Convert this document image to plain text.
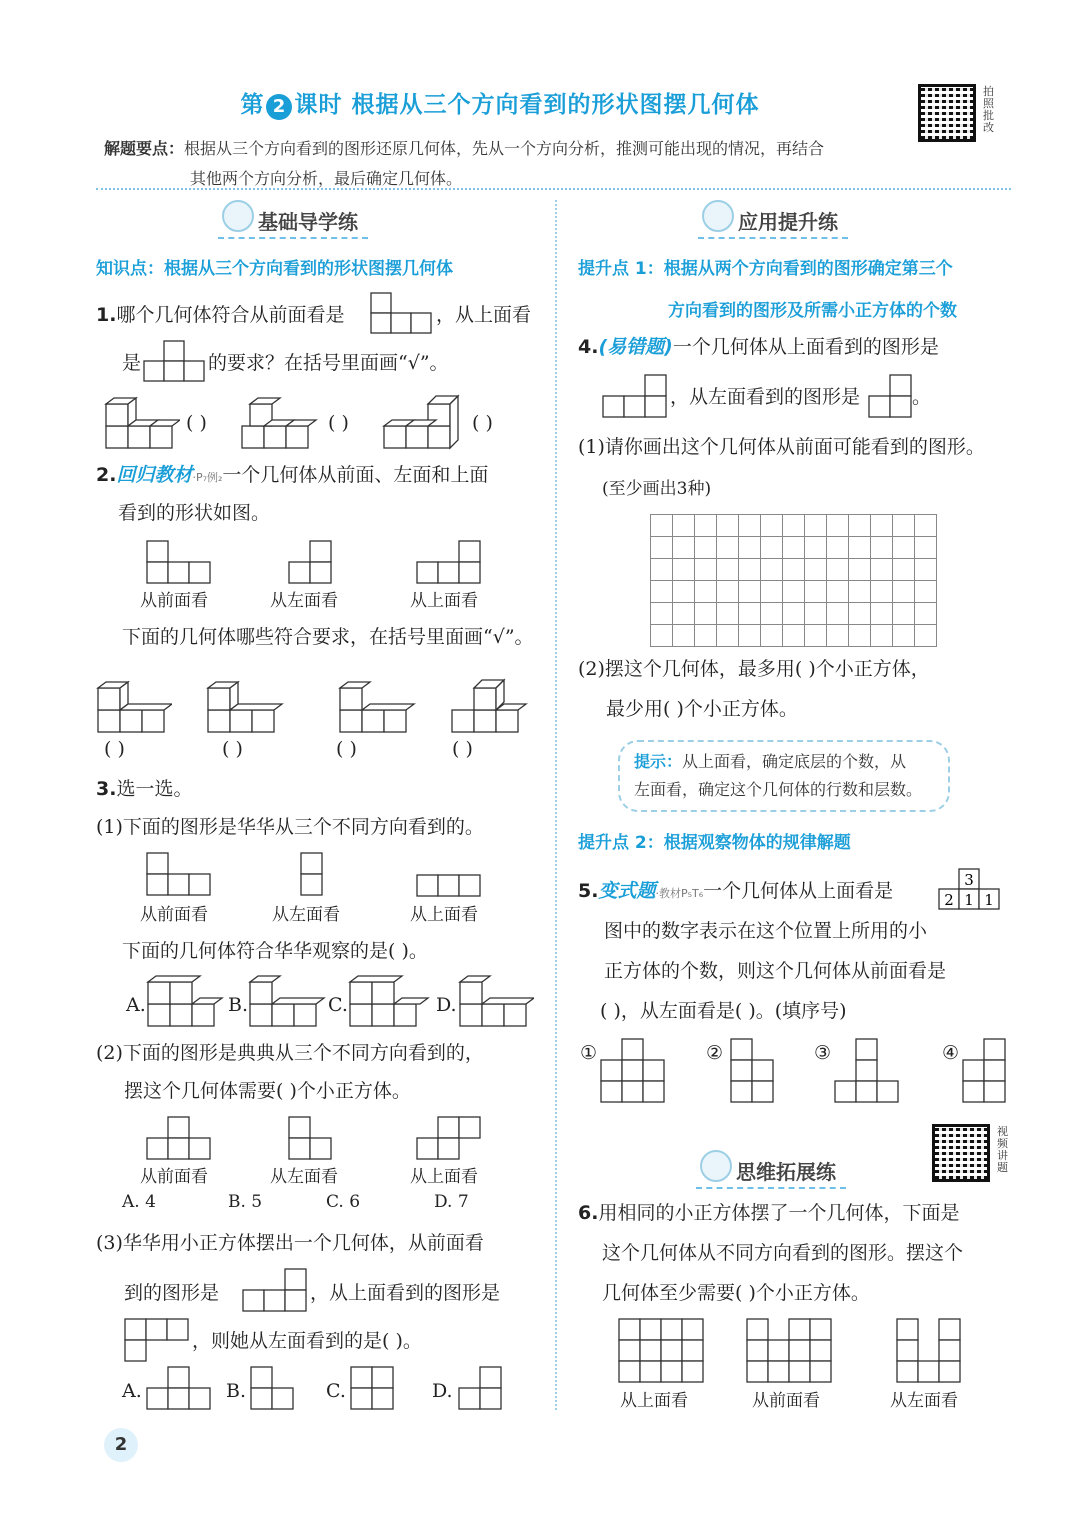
第 2 课时 根据从三个方向看到的形状图摆几何体
拍照批改
解题要点：根据从三个方向看到的图形还原几何体，先从一个方向分析，推测可能出现的情况，再结合
其他两个方向分析，最后确定几何体。
基础导学练
知识点：根据从三个方向看到的形状图摆几何体
1.哪个几何体符合从前面看是	，从上面看
是	的要求？在括号里面画“√”。
( )	( )	( )
2.回归教材·P₇例₂一个几何体从前面、左面和上面
看到的形状如图。
从前面看	从左面看	从上面看
下面的几何体哪些符合要求，在括号里面画“√”。
( )	( )	( )	( )
3.选一选。
(1)下面的图形是华华从三个不同方向看到的。
从前面看	从左面看	从上面看
下面的几何体符合华华观察的是( )。
A.	B.	C.	D.
(2)下面的图形是典典从三个不同方向看到的，
摆这个几何体需要( )个小正方体。
从前面看	从左面看	从上面看
A. 4	B. 5	C. 6	D. 7
(3)华华用小正方体摆出一个几何体，从前面看
到的图形是	，从上面看到的图形是
，则她从左面看到的是( )。
A.	B.	C.	D.
应用提升练
提升点 1：根据从两个方向看到的图形确定第三个
方向看到的图形及所需小正方体的个数
4.(易错题)一个几何体从上面看到的图形是
，从左面看到的图形是	。
(1)请你画出这个几何体从前面可能看到的图形。
(至少画出3种)

(2)摆这个几何体，最多用( )个小正方体，
最少用( )个小正方体。
提示：从上面看，确定底层的个数，从
左面看，确定这个几何体的行数和层数。
提升点 2：根据观察物体的规律解题
5.变式题·教材P₅T₆一个几何体从上面看是	3
2 1 1
图中的数字表示在这个位置上所用的小
正方体的个数，则这个几何体从前面看是
( )，从左面看是( )。(填序号)
①	②	③	④
思维拓展练
视频讲题
6.用相同的小正方体摆了一个几何体，下面是
这个几何体从不同方向看到的图形。摆这个
几何体至少需要( )个小正方体。
从上面看	从前面看	从左面看
2
